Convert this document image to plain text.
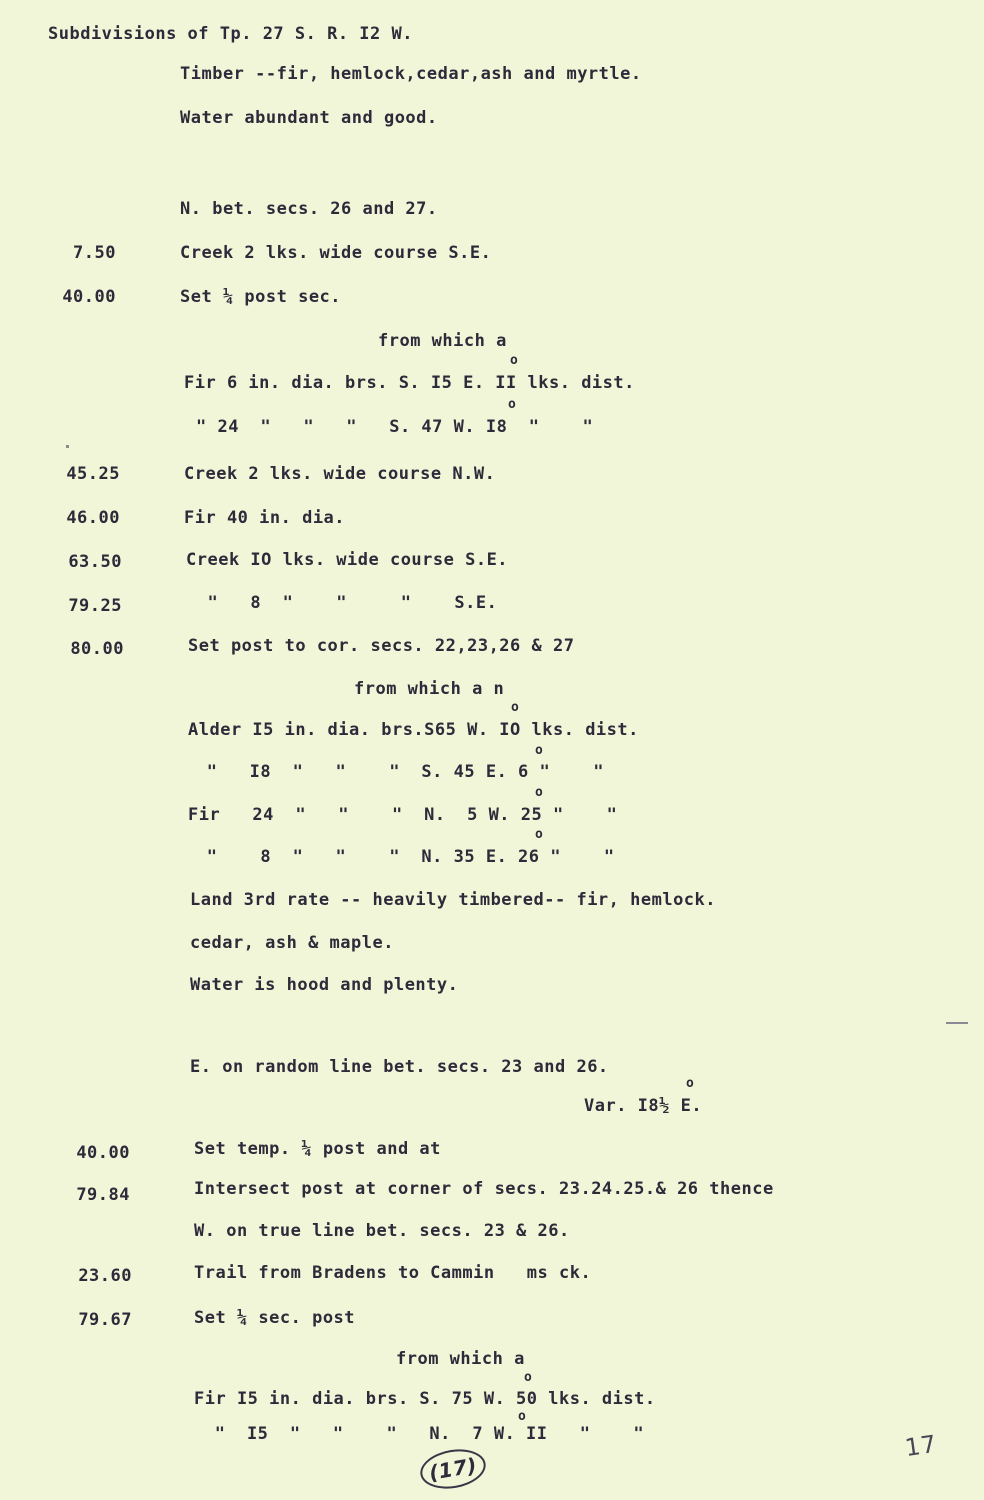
Subdivisions of Tp. 27 S. R. I2 W.
Timber --fir, hemlock,cedar,ash and myrtle.
Water abundant and good.
N. bet. secs. 26 and 27.
7.50	Creek 2 lks. wide course S.E.
40.00	Set ¼ post sec.
from which a
o
Fir 6 in. dia. brs. S. I5 E. II lks. dist.
o
" 24  "   "   "   S. 47 W. I8  "    "
45.25	Creek 2 lks. wide course N.W.
46.00	Fir 40 in. dia.
63.50	Creek IO lks. wide course S.E.
79.25	"   8  "    "     "    S.E.
80.00	Set post to cor. secs. 22,23,26 & 27
from which a n
o
Alder I5 in. dia. brs.S65 W. IO lks. dist.
o
"   I8  "   "    "  S. 45 E. 6 "    "
o
Fir   24  "   "    "  N.  5 W. 25 "    "
o
"    8  "   "    "  N. 35 E. 26 "    "
Land 3rd rate -- heavily timbered-- fir, hemlock.
cedar, ash & maple.
Water is hood and plenty.
E. on random line bet. secs. 23 and 26.
o
Var. I8½ E.
40.00	Set temp. ¼ post and at
79.84	Intersect post at corner of secs. 23.24.25.& 26 thence
W. on true line bet. secs. 23 & 26.
23.60	Trail from Bradens to Cammin   ms ck.
79.67	Set ¼ sec. post
from which a
o
Fir I5 in. dia. brs. S. 75 W. 50 lks. dist.
o
"  I5  "   "    "   N.  7 W. II   "    "
(17)
17
